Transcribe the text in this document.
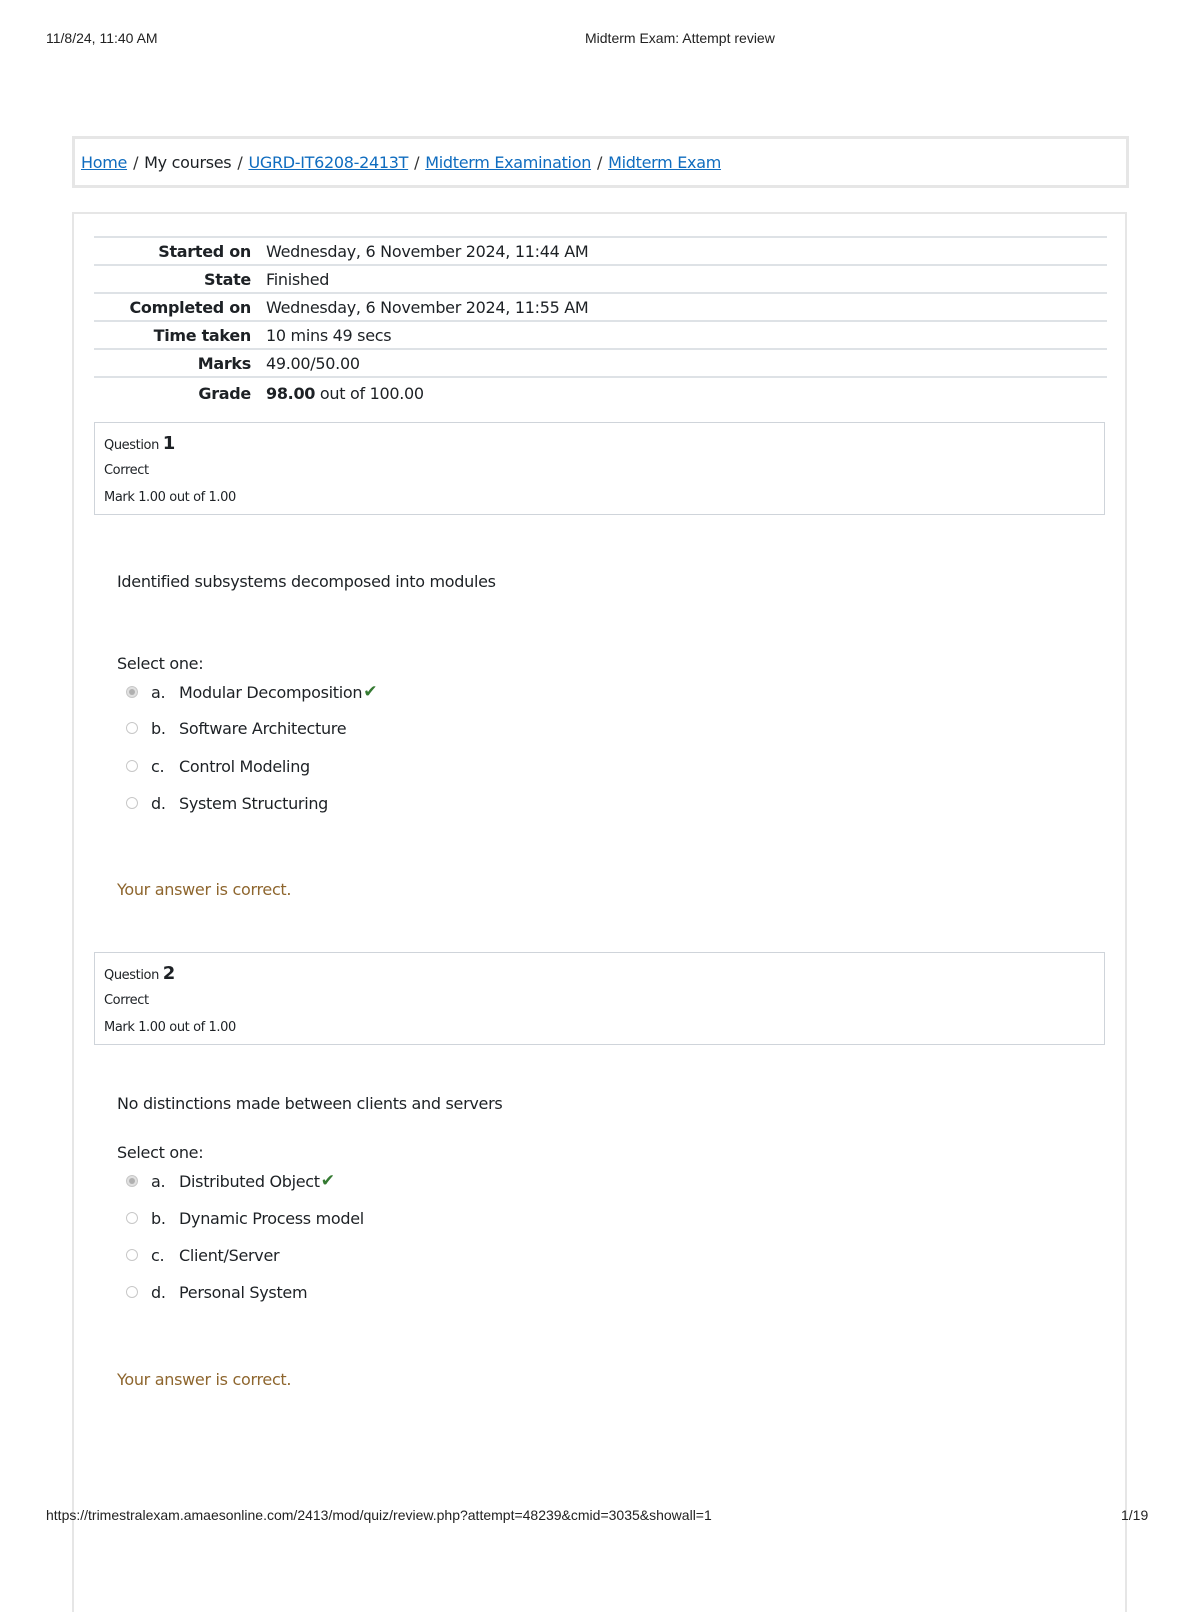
11/8/24, 11:40 AM	Midterm Exam: Attempt review
Home / My courses / UGRD-IT6208-2413T / Midterm Examination / Midterm Exam
Started on Wednesday, 6 November 2024, 11:44 AM
State Finished
Completed on Wednesday, 6 November 2024, 11:55 AM
Time taken 10 mins 49 secs
Marks 49.00/50.00
Grade 98.00 out of 100.00
Question 1
Correct
Mark 1.00 out of 1.00
Identified subsystems decomposed into modules
Select one:
a. Modular Decomposition ✔
b. Software Architecture
c. Control Modeling
d. System Structuring
Your answer is correct.
Question 2
Correct
Mark 1.00 out of 1.00
No distinctions made between clients and servers
Select one:
a. Distributed Object ✔
b. Dynamic Process model
c. Client/Server
d. Personal System
Your answer is correct.
https://trimestralexam.amaesonline.com/2413/mod/quiz/review.php?attempt=48239&cmid=3035&showall=1	1/19
